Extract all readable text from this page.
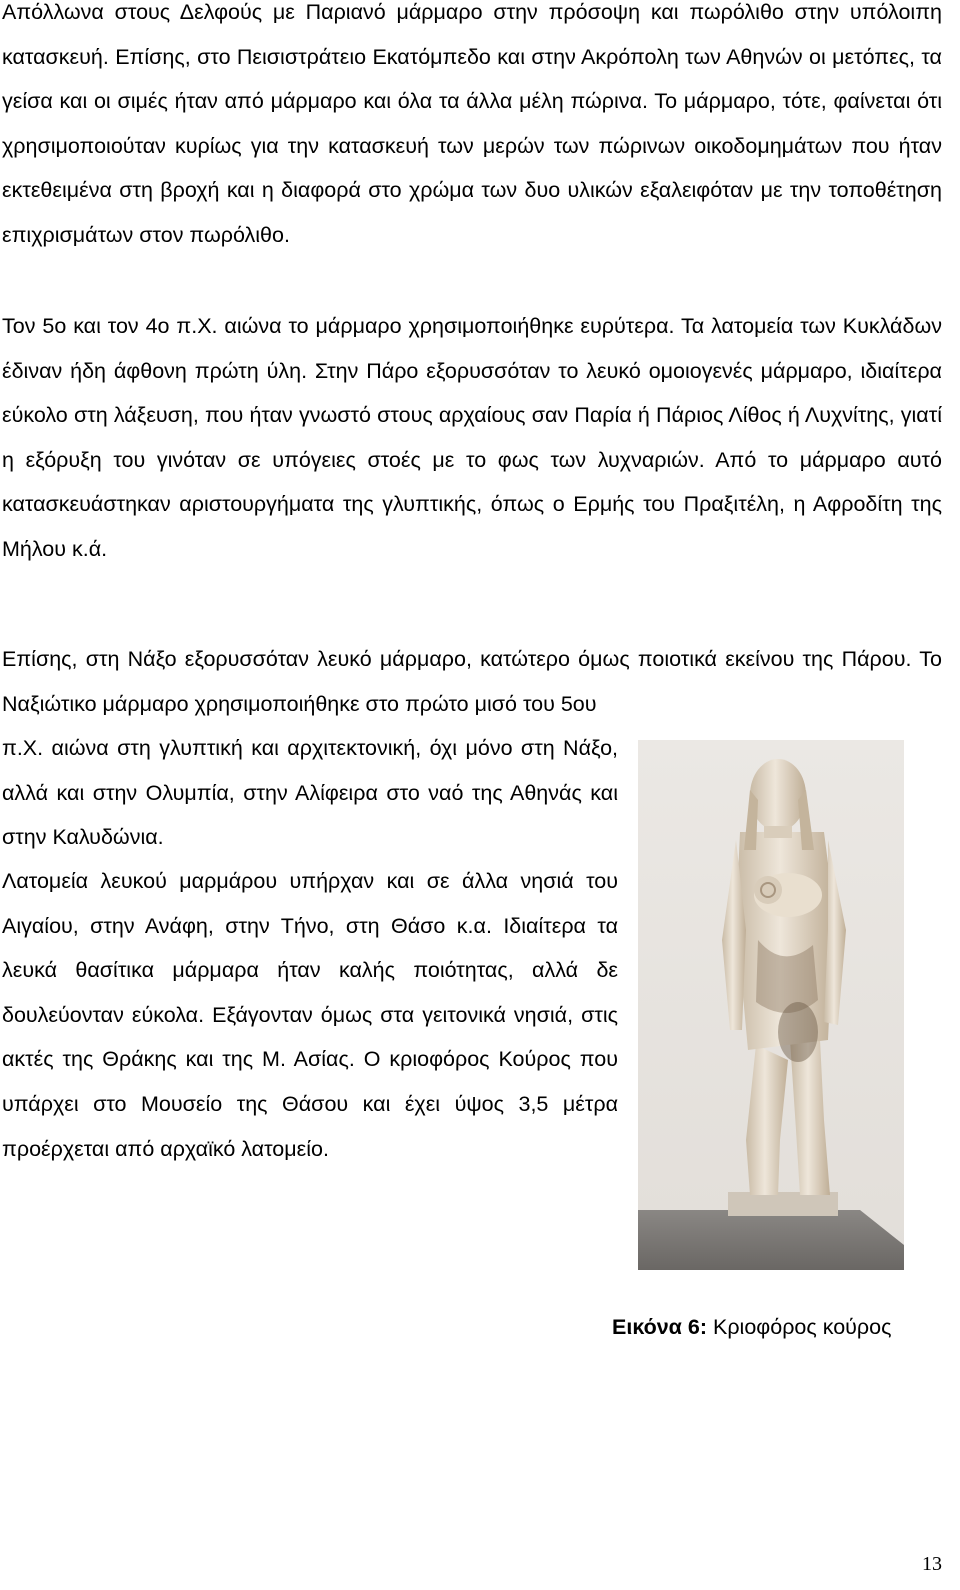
Απόλλωνα στους Δελφούς με Παριανό μάρμαρο στην πρόσοψη και πωρόλιθο στην υπόλοιπη κατασκευή. Επίσης, στο Πεισιστράτειο Εκατόμπεδο και στην Ακρόπολη των Αθηνών οι μετόπες, τα γείσα και οι σιμές ήταν από μάρμαρο και όλα τα άλλα μέλη πώρινα. Το μάρμαρο, τότε, φαίνεται ότι χρησιμοποιούταν κυρίως για την κατασκευή των μερών των πώρινων οικοδομημάτων που ήταν εκτεθειμένα στη βροχή και η διαφορά στο χρώμα των δυο υλικών εξαλειφόταν με την τοποθέτηση επιχρισμάτων στον πωρόλιθο.

Τον 5ο και τον 4ο π.Χ. αιώνα το μάρμαρο χρησιμοποιήθηκε ευρύτερα. Τα λατομεία των Κυκλάδων έδιναν ήδη άφθονη πρώτη ύλη. Στην Πάρο εξορυσσόταν το λευκό ομοιογενές μάρμαρο, ιδιαίτερα εύκολο στη λάξευση, που ήταν γνωστό στους αρχαίους σαν Παρία ή Πάριος Λίθος ή Λυχνίτης, γιατί η εξόρυξη του γινόταν σε υπόγειες στοές με το φως των λυχναριών. Από το μάρμαρο αυτό κατασκευάστηκαν αριστουργήματα της γλυπτικής, όπως ο Ερμής του Πραξιτέλη, η Αφροδίτη της Μήλου κ.ά.

Επίσης, στη Νάξο εξορυσσόταν λευκό μάρμαρο, κατώτερο όμως ποιοτικά εκείνου της Πάρου. Το Ναξιώτικο μάρμαρο χρησιμοποιήθηκε στο πρώτο μισό του 5ου
π.Χ. αιώνα στη γλυπτική και αρχιτεκτονική, όχι μόνο στη Νάξο, αλλά και στην Ολυμπία, στην Αλίφειρα στο ναό της Αθηνάς και στην Καλυδώνια.

Λατομεία λευκού μαρμάρου υπήρχαν και σε άλλα νησιά του Αιγαίου, στην Ανάφη, στην Τήνο, στη Θάσο κ.α. Ιδιαίτερα τα λευκά θασίτικα μάρμαρα ήταν καλής ποιότητας, αλλά δε δουλεύονταν εύκολα. Εξάγονταν όμως στα γειτονικά νησιά, στις ακτές της Θράκης και της Μ. Ασίας. Ο κριοφόρος Κούρος που υπάρχει στο Μουσείο της Θάσου και έχει ύψος 3,5 μέτρα προέρχεται από αρχαϊκό λατομείο.

Εικόνα 6: Κριοφόρος κούρος
13
